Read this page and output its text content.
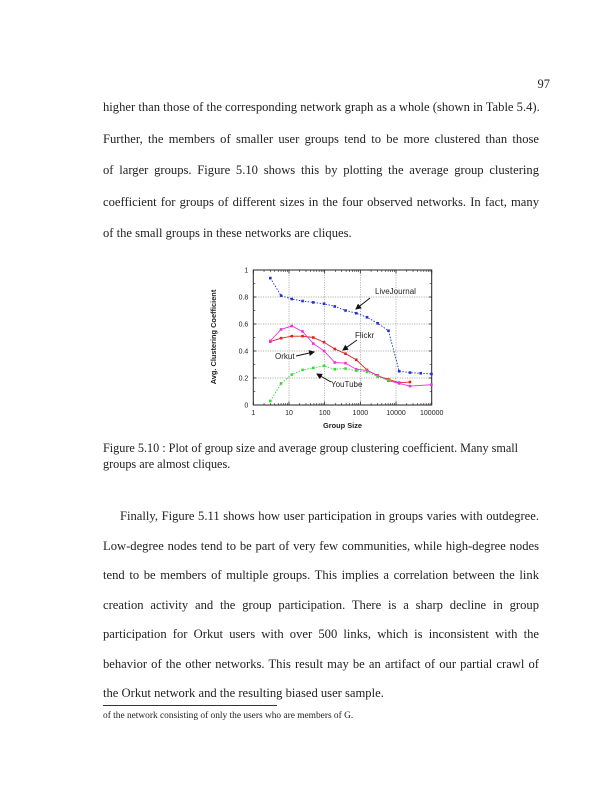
97
higher than those of the corresponding network graph as a whole (shown in Table 5.4).
Further, the members of smaller user groups tend to be more clustered than those
of larger groups. Figure 5.10 shows this by plotting the average group clustering
coefficient for groups of different sizes in the four observed networks. In fact, many
of the small groups in these networks are cliques.
0
0.2
0.4
0.6
0.8
1
1	10	100	1000	10000 100000
Group Size
Avg. Clustering Coefficient	LiveJournal
Flickr
Orkut
YouTube
Figure 5.10 : Plot of group size and average group clustering coefficient. Many small groups are almost cliques.
Finally, Figure 5.11 shows how user participation in groups varies with outdegree.
Low-degree nodes tend to be part of very few communities, while high-degree nodes
tend to be members of multiple groups. This implies a correlation between the link
creation activity and the group participation. There is a sharp decline in group
participation for Orkut users with over 500 links, which is inconsistent with the
behavior of the other networks. This result may be an artifact of our partial crawl of
the Orkut network and the resulting biased user sample.
of the network consisting of only the users who are members of G.
